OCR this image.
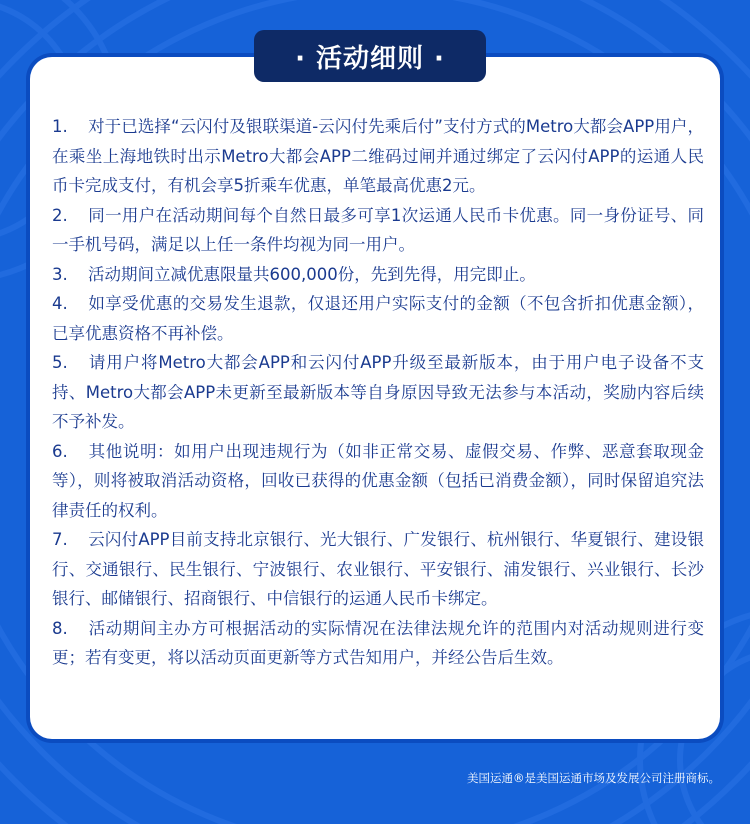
· 活动细则 ·
1. 对于已选择“云闪付及银联渠道-云闪付先乘后付”支付方式的Metro大都会APP用户，在乘坐上海地铁时出示Metro大都会APP二维码过闸并通过绑定了云闪付APP的运通人民币卡完成支付，有机会享5折乘车优惠，单笔最高优惠2元。
2. 同一用户在活动期间每个自然日最多可享1次运通人民币卡优惠。同一身份证号、同一手机号码，满足以上任一条件均视为同一用户。
3. 活动期间立减优惠限量共600,000份，先到先得，用完即止。
4. 如享受优惠的交易发生退款，仅退还用户实际支付的金额（不包含折扣优惠金额），已享优惠资格不再补偿。
5. 请用户将Metro大都会APP和云闪付APP升级至最新版本，由于用户电子设备不支持、Metro大都会APP未更新至最新版本等自身原因导致无法参与本活动，奖励内容后续不予补发。
6. 其他说明：如用户出现违规行为（如非正常交易、虚假交易、作弊、恶意套取现金等），则将被取消活动资格，回收已获得的优惠金额（包括已消费金额），同时保留追究法律责任的权利。
7. 云闪付APP目前支持北京银行、光大银行、广发银行、杭州银行、华夏银行、建设银行、交通银行、民生银行、宁波银行、农业银行、平安银行、浦发银行、兴业银行、长沙银行、邮储银行、招商银行、中信银行的运通人民币卡绑定。
8. 活动期间主办方可根据活动的实际情况在法律法规允许的范围内对活动规则进行变更；若有变更，将以活动页面更新等方式告知用户，并经公告后生效。
美国运通®是美国运通市场及发展公司注册商标。
